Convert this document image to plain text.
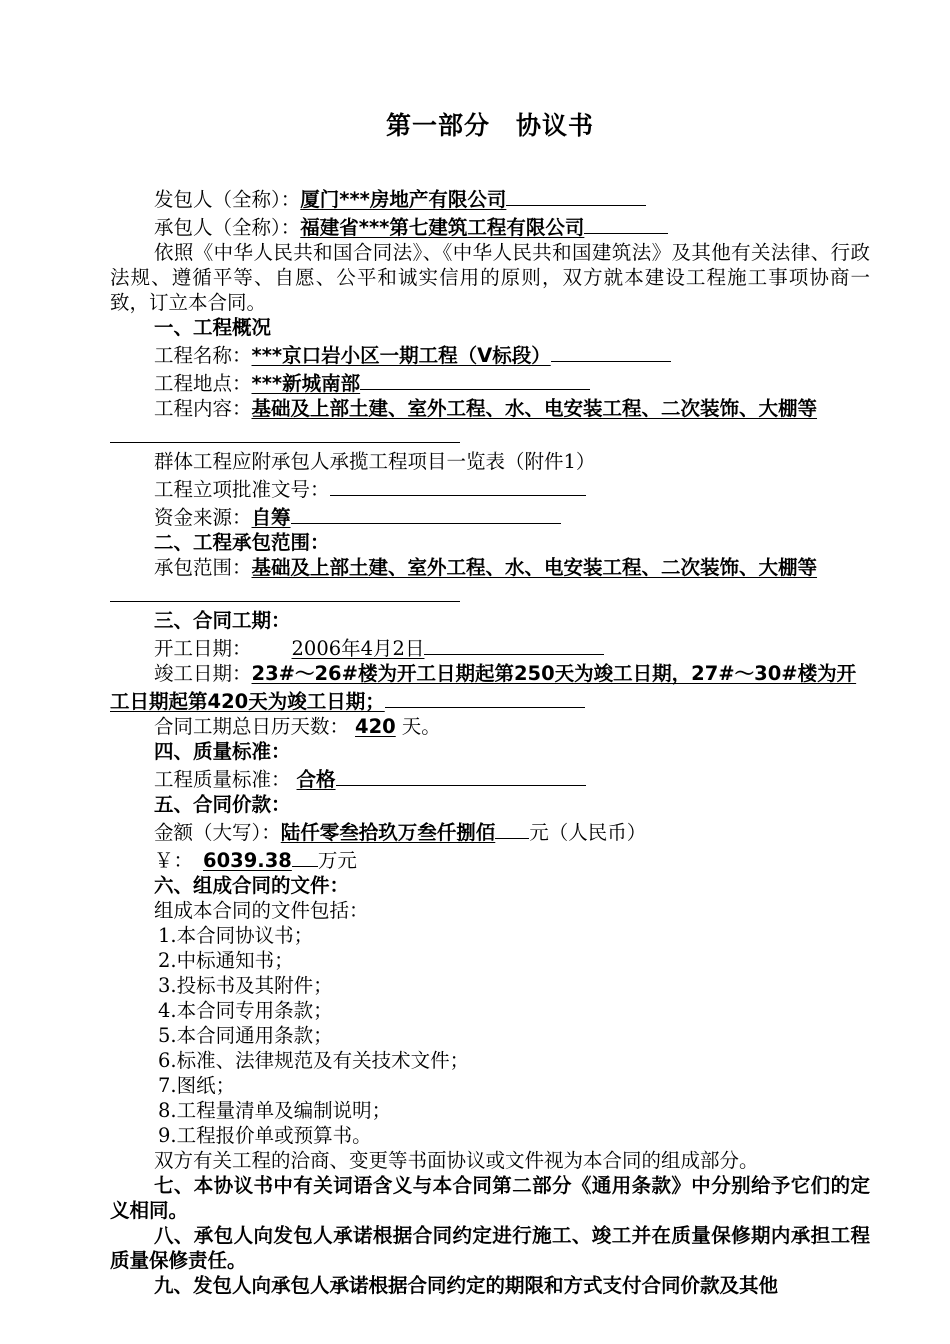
第一部分　协议书
发包人（全称）：厦门***房地产有限公司
承包人（全称）：福建省***第七建筑工程有限公司
依照《中华人民共和国合同法》、《中华人民共和国建筑法》及其他有关法律、行政法规、遵循平等、自愿、公平和诚实信用的原则，双方就本建设工程施工事项协商一致，订立本合同。
一、工程概况
工程名称：***京口岩小区一期工程（Ⅴ标段）
工程地点：***新城南部
工程内容：基础及上部土建、室外工程、水、电安装工程、二次装饰、大棚等
群体工程应附承包人承揽工程项目一览表（附件1）
工程立项批准文号：
资金来源：自筹
二、工程承包范围：
承包范围：基础及上部土建、室外工程、水、电安装工程、二次装饰、大棚等
三、合同工期：
开工日期： 2006年4月2日
竣工日期：23#～26#楼为开工日期起第250天为竣工日期，27#～30#楼为开工日期起第420天为竣工日期；
合同工期总日历天数： 420 天。
四、质量标准：
工程质量标准： 合格
五、合同价款：
金额（大写）：陆仟零叁拾玖万叁仟捌佰 元（人民币）
￥： 6039.38 万元
六、组成合同的文件：
组成本合同的文件包括：
1.本合同协议书；
2.中标通知书；
3.投标书及其附件；
4.本合同专用条款；
5.本合同通用条款；
6.标准、法律规范及有关技术文件；
7.图纸；
8.工程量清单及编制说明；
9.工程报价单或预算书。
双方有关工程的洽商、变更等书面协议或文件视为本合同的组成部分。
七、本协议书中有关词语含义与本合同第二部分《通用条款》中分别给予它们的定义相同。
八、承包人向发包人承诺根据合同约定进行施工、竣工并在质量保修期内承担工程质量保修责任。
九、发包人向承包人承诺根据合同约定的期限和方式支付合同价款及其他
